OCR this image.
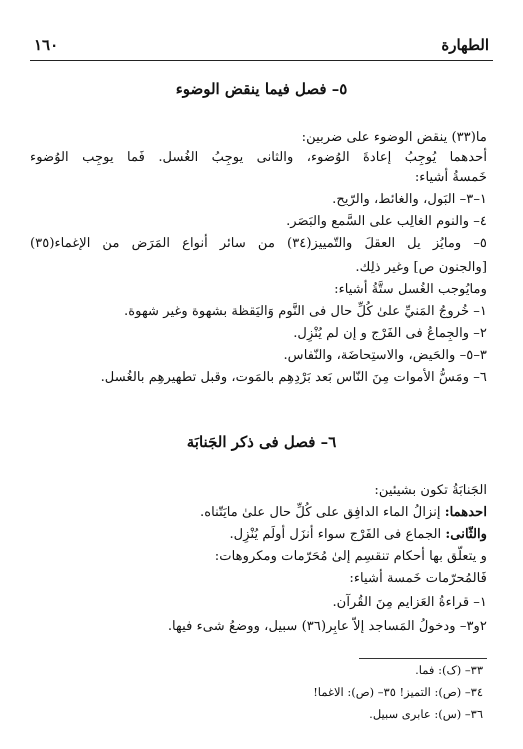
الطهارة
١٦٠
٥– فصل فيما ينقض الوضوء
ما(٣٣) ينقض الوضوء على ضربين:
أحدهما يُوجِبُ إعادةَ الوُضوء، والثانى يوجِبُ الغُسل. فَما يوجِب الوُضوء
خَمسةُ أشياء:
١–٣– البَول، والغائط، والرّيح.
٤– والنوم الغالِب على السَّمع والبَصَر.
٥– ومايُز يل العقلَ والتّمييز(٣٤) من سائر أنواع المَرَض من الإغماء(٣٥)
[والجنون ص] وغير ذلِك.
ومايُوجب الغُسل ستَّةُ أشياء:
١– خُروجُ المَنيِّ علىٰ كُلِّ حال فى النَّوم وَاليَقظة بشهوة وغير شهوة.
٢– والجِماعُ فى الفَرْج و إن لم يُنْزِل.
٣–٥– والحَيض، والاستِحاضَة، والنّفاس.
٦– ومَسُّ الأموات مِنَ النّاس بَعد بَرْدِهِم بالمَوت، وقبل تطهيرهِم بالغُسل.
٦– فصل فى ذكر الجَنابَة
الجَنابَةُ تكون بشيئين:
احدهما: إنزالُ الماء الدافِق على كُلِّ حال علىٰ مايَتّناه.
والثّانى: الجماع فى الفَرْج سواء أنزَل أولَم يُنْزِل.
و يتعلّق بها أحكام تنقسِم إلىٰ مُحَرّمات ومكروهات:
فَالمُحرّمات خَمسة أشياء:
١– قراءةُ العَزايم مِنَ القُرآن.
٢و٣– ودخولُ المَساجد إلاّ عابِر(٣٦) سبيل، ووضعُ شىء فيها.
٣٣– (ک): فما.
٣٤– (ص): التميز! ٣٥– (ص): الاغما!
٣٦– (س): عابرى سبيل.
